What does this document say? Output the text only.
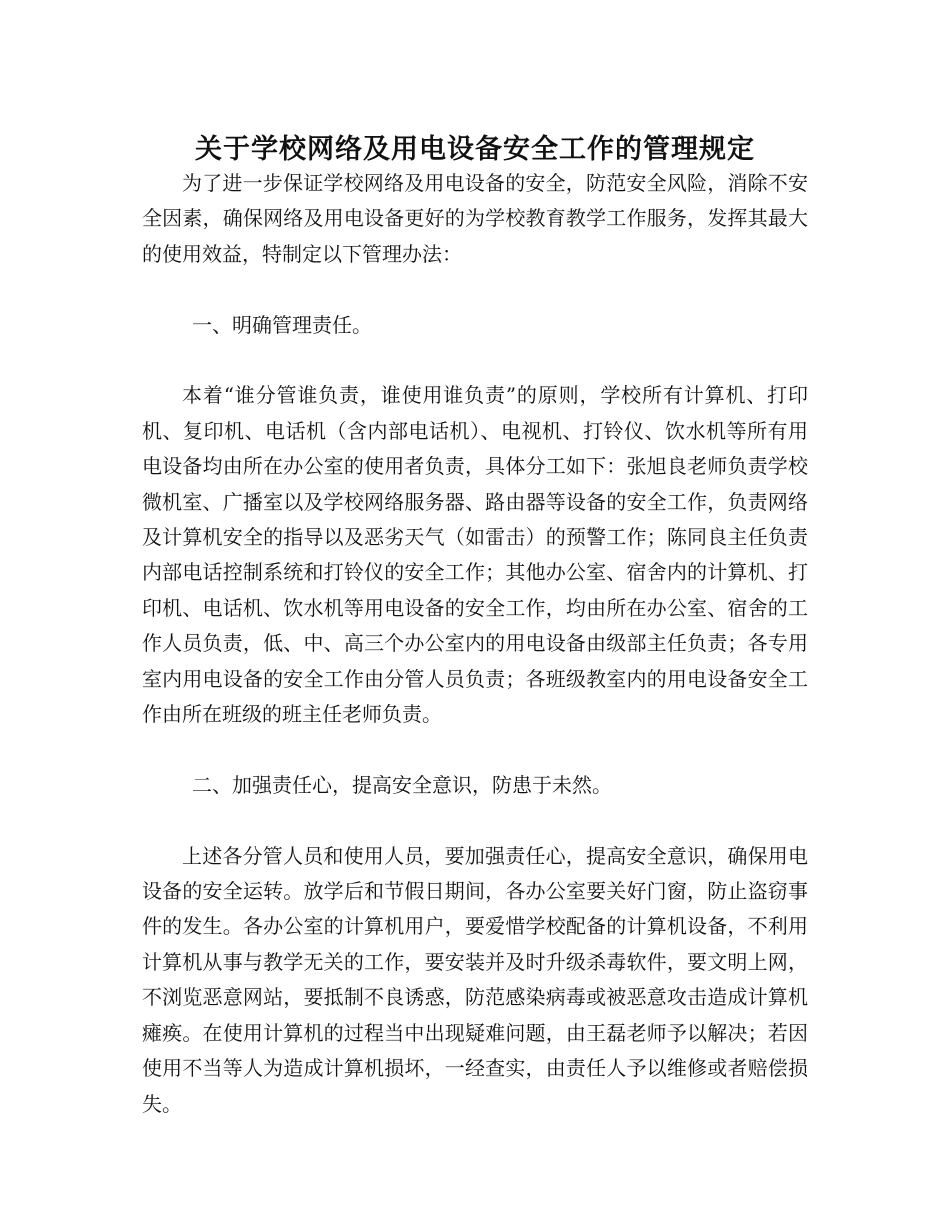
关于学校网络及用电设备安全工作的管理规定

为了进一步保证学校网络及用电设备的安全，防范安全风险，消除不安全因素，确保网络及用电设备更好的为学校教育教学工作服务，发挥其最大的使用效益，特制定以下管理办法：

一、明确管理责任。

本着“谁分管谁负责，谁使用谁负责”的原则，学校所有计算机、打印机、复印机、电话机（含内部电话机）、电视机、打铃仪、饮水机等所有用电设备均由所在办公室的使用者负责，具体分工如下：张旭良老师负责学校微机室、广播室以及学校网络服务器、路由器等设备的安全工作，负责网络及计算机安全的指导以及恶劣天气（如雷击）的预警工作；陈同良主任负责内部电话控制系统和打铃仪的安全工作；其他办公室、宿舍内的计算机、打印机、电话机、饮水机等用电设备的安全工作，均由所在办公室、宿舍的工作人员负责，低、中、高三个办公室内的用电设备由级部主任负责；各专用室内用电设备的安全工作由分管人员负责；各班级教室内的用电设备安全工作由所在班级的班主任老师负责。

二、加强责任心，提高安全意识，防患于未然。

上述各分管人员和使用人员，要加强责任心，提高安全意识，确保用电设备的安全运转。放学后和节假日期间，各办公室要关好门窗，防止盗窃事件的发生。各办公室的计算机用户，要爱惜学校配备的计算机设备，不利用计算机从事与教学无关的工作，要安装并及时升级杀毒软件，要文明上网，不浏览恶意网站，要抵制不良诱惑，防范感染病毒或被恶意攻击造成计算机瘫痪。在使用计算机的过程当中出现疑难问题，由王磊老师予以解决；若因使用不当等人为造成计算机损坏，一经查实，由责任人予以维修或者赔偿损失。
